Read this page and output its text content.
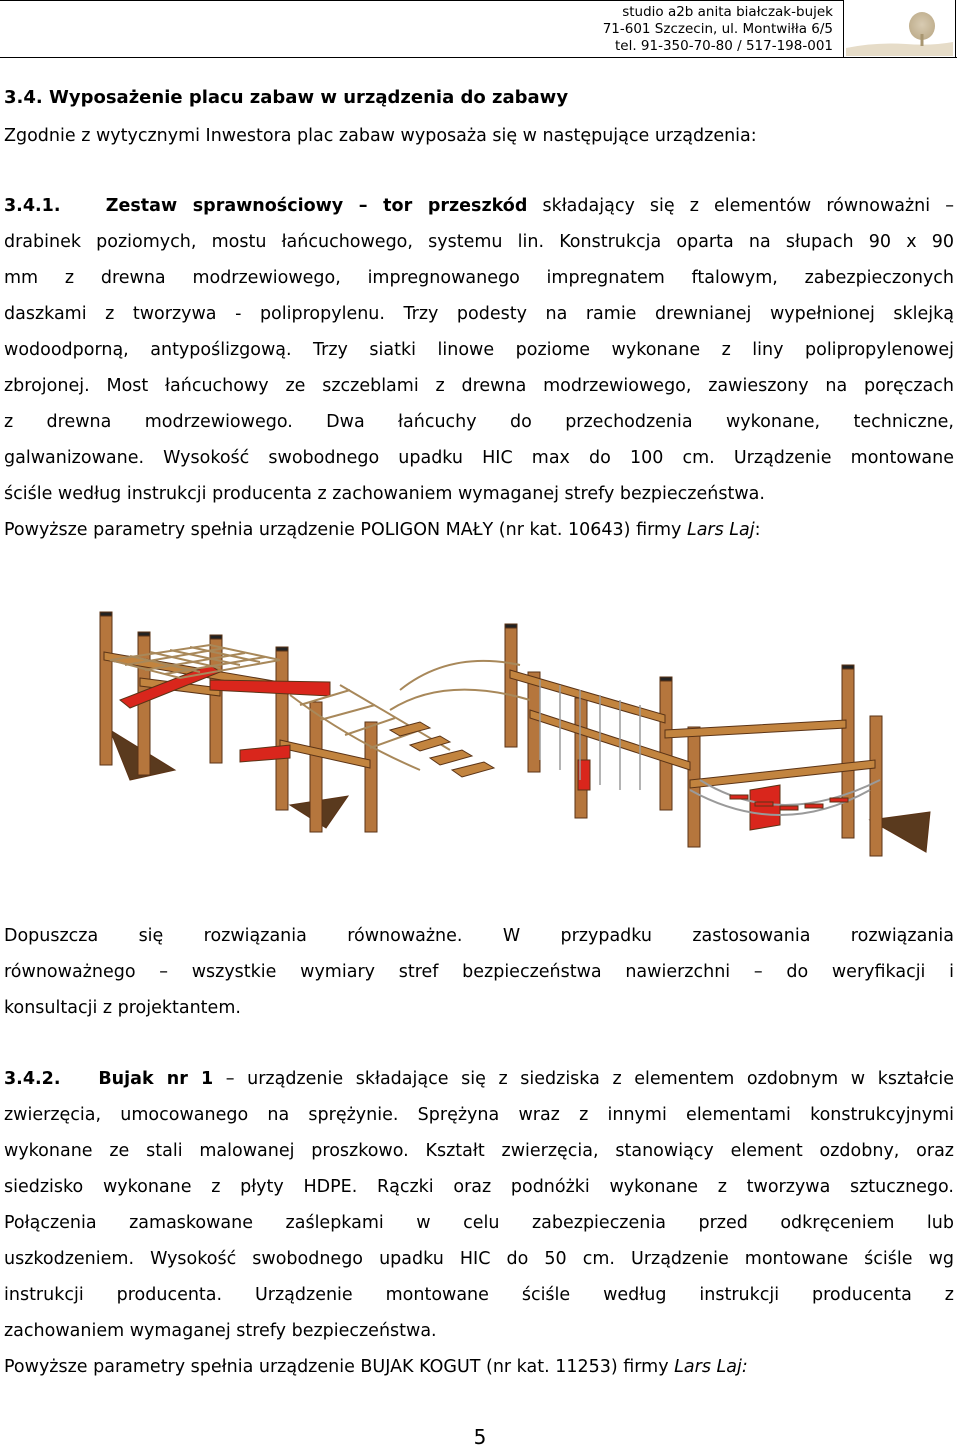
studio a2b anita białczak-bujek
71-601 Szczecin, ul. Montwiłła 6/5
tel. 91-350-70-80 / 517-198-001
3.4. Wyposażenie placu zabaw w urządzenia do zabawy
Zgodnie z wytycznymi Inwestora plac zabaw wyposaża się w następujące urządzenia:
3.4.1.	Zestaw sprawnościowy – tor przeszkód składający się z elementów równoważni –
drabinek poziomych, mostu łańcuchowego, systemu lin. Konstrukcja oparta na słupach 90 x 90
mm z drewna modrzewiowego, impregnowanego impregnatem ftalowym, zabezpieczonych
daszkami z tworzywa - polipropylenu. Trzy podesty na ramie drewnianej wypełnionej sklejką
wodoodporną, antypoślizgową. Trzy siatki linowe poziome wykonane z liny polipropylenowej
zbrojonej. Most łańcuchowy ze szczeblami z drewna modrzewiowego, zawieszony na poręczach
z drewna modrzewiowego. Dwa łańcuchy do przechodzenia wykonane, techniczne,
galwanizowane. Wysokość swobodnego upadku HIC max do 100 cm. Urządzenie montowane
ściśle według instrukcji producenta z zachowaniem wymaganej strefy bezpieczeństwa.
Powyższe parametry spełnia urządzenie POLIGON MAŁY (nr kat. 10643) firmy Lars Laj:
Dopuszcza się rozwiązania równoważne. W przypadku zastosowania rozwiązania
równoważnego – wszystkie wymiary stref bezpieczeństwa nawierzchni – do weryfikacji i
konsultacji z projektantem.
3.4.2. Bujak nr 1 – urządzenie składające się z siedziska z elementem ozdobnym w kształcie
zwierzęcia, umocowanego na sprężynie. Sprężyna wraz z innymi elementami konstrukcyjnymi
wykonane ze stali malowanej proszkowo. Kształt zwierzęcia, stanowiący element ozdobny, oraz
siedzisko wykonane z płyty HDPE. Rączki oraz podnóżki wykonane z tworzywa sztucznego.
Połączenia zamaskowane zaślepkami w celu zabezpieczenia przed odkręceniem lub
uszkodzeniem. Wysokość swobodnego upadku HIC do 50 cm. Urządzenie montowane ściśle wg
instrukcji producenta. Urządzenie montowane ściśle według instrukcji producenta z
zachowaniem wymaganej strefy bezpieczeństwa.
Powyższe parametry spełnia urządzenie BUJAK KOGUT (nr kat. 11253) firmy Lars Laj:
5
